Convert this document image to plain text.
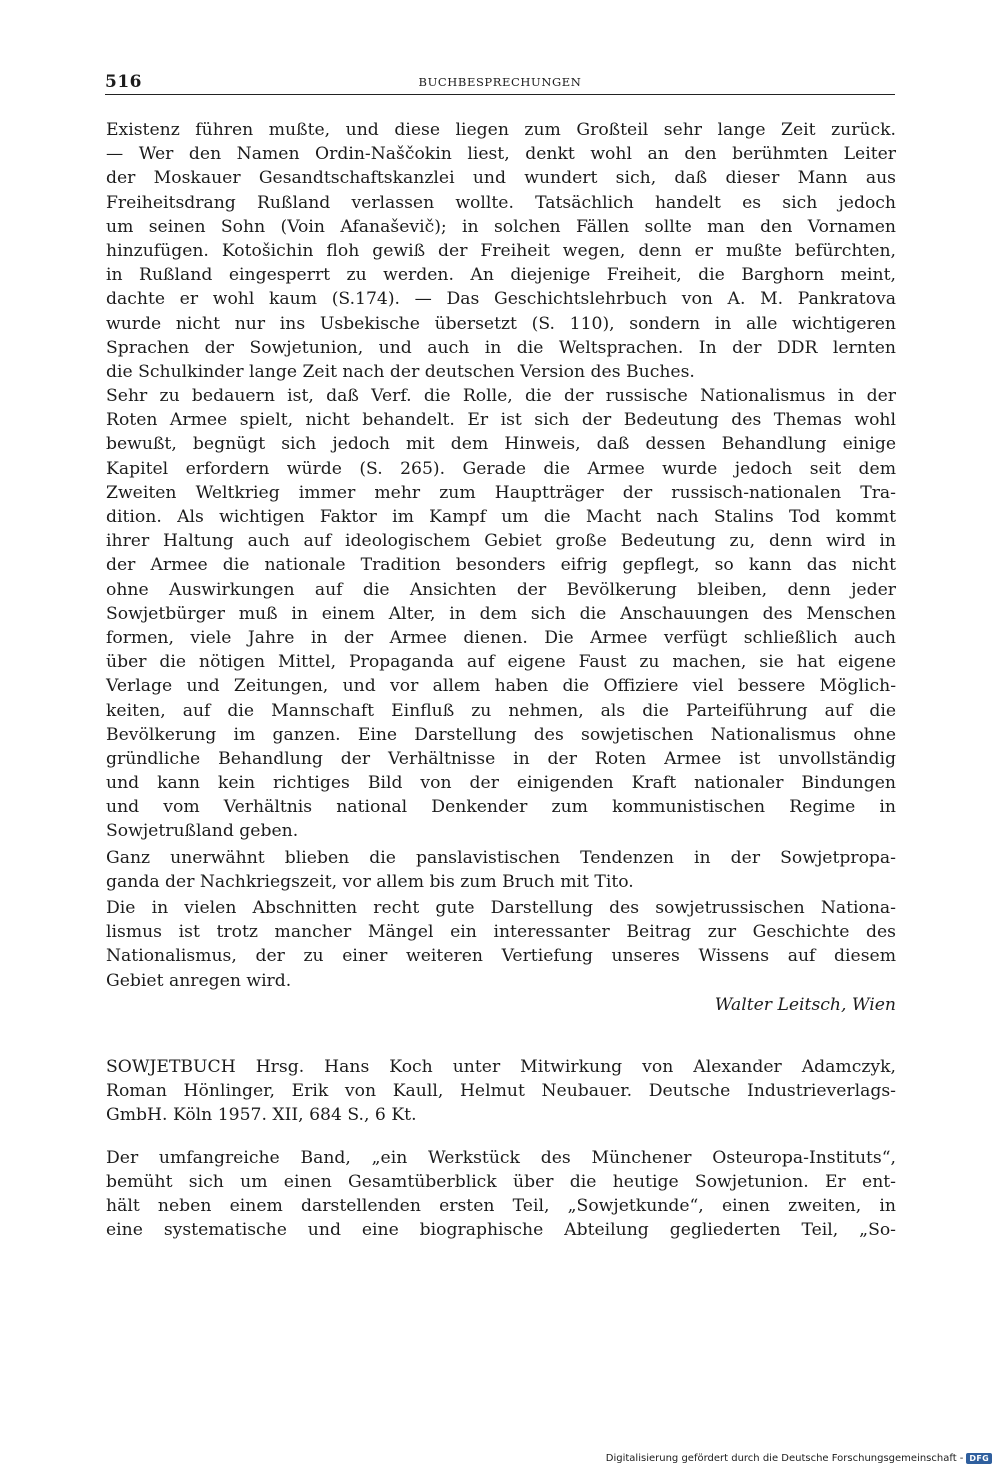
516	BUCHBESPRECHUNGEN
Existenz führen mußte, und diese liegen zum Großteil sehr lange Zeit zurück.
— Wer den Namen Ordin-Naščokin liest, denkt wohl an den berühmten Leiter
der Moskauer Gesandtschaftskanzlei und wundert sich, daß dieser Mann aus
Freiheitsdrang Rußland verlassen wollte. Tatsächlich handelt es sich jedoch
um seinen Sohn (Voin Afanaševič); in solchen Fällen sollte man den Vornamen
hinzufügen. Kotošichin floh gewiß der Freiheit wegen, denn er mußte befürchten,
in Rußland eingesperrt zu werden. An diejenige Freiheit, die Barghorn meint,
dachte er wohl kaum (S.174). — Das Geschichtslehrbuch von A. M. Pankratova
wurde nicht nur ins Usbekische übersetzt (S. 110), sondern in alle wichtigeren
Sprachen der Sowjetunion, und auch in die Weltsprachen. In der DDR lernten
die Schulkinder lange Zeit nach der deutschen Version des Buches.
Sehr zu bedauern ist, daß Verf. die Rolle, die der russische Nationalismus in der
Roten Armee spielt, nicht behandelt. Er ist sich der Bedeutung des Themas wohl
bewußt, begnügt sich jedoch mit dem Hinweis, daß dessen Behandlung einige
Kapitel erfordern würde (S. 265). Gerade die Armee wurde jedoch seit dem
Zweiten Weltkrieg immer mehr zum Hauptträger der russisch-nationalen Tra-
dition. Als wichtigen Faktor im Kampf um die Macht nach Stalins Tod kommt
ihrer Haltung auch auf ideologischem Gebiet große Bedeutung zu, denn wird in
der Armee die nationale Tradition besonders eifrig gepflegt, so kann das nicht
ohne Auswirkungen auf die Ansichten der Bevölkerung bleiben, denn jeder
Sowjetbürger muß in einem Alter, in dem sich die Anschauungen des Menschen
formen, viele Jahre in der Armee dienen. Die Armee verfügt schließlich auch
über die nötigen Mittel, Propaganda auf eigene Faust zu machen, sie hat eigene
Verlage und Zeitungen, und vor allem haben die Offiziere viel bessere Möglich-
keiten, auf die Mannschaft Einfluß zu nehmen, als die Parteiführung auf die
Bevölkerung im ganzen. Eine Darstellung des sowjetischen Nationalismus ohne
gründliche Behandlung der Verhältnisse in der Roten Armee ist unvollständig
und kann kein richtiges Bild von der einigenden Kraft nationaler Bindungen
und vom Verhältnis national Denkender zum kommunistischen Regime in
Sowjetrußland geben.
Ganz unerwähnt blieben die panslavistischen Tendenzen in der Sowjetpropa-
ganda der Nachkriegszeit, vor allem bis zum Bruch mit Tito.
Die in vielen Abschnitten recht gute Darstellung des sowjetrussischen Nationa-
lismus ist trotz mancher Mängel ein interessanter Beitrag zur Geschichte des
Nationalismus, der zu einer weiteren Vertiefung unseres Wissens auf diesem
Gebiet anregen wird.
Walter Leitsch, Wien
SOWJETBUCH Hrsg. Hans Koch unter Mitwirkung von Alexander Adamczyk,
Roman Hönlinger, Erik von Kaull, Helmut Neubauer. Deutsche Industrieverlags-
GmbH. Köln 1957. XII, 684 S., 6 Kt.
Der umfangreiche Band, „ein Werkstück des Münchener Osteuropa-Instituts“,
bemüht sich um einen Gesamtüberblick über die heutige Sowjetunion. Er ent-
hält neben einem darstellenden ersten Teil, „Sowjetkunde“, einen zweiten, in
eine systematische und eine biographische Abteilung gegliederten Teil, „So-
Digitalisierung gefördert durch die Deutsche Forschungsgemeinschaft - DFG
